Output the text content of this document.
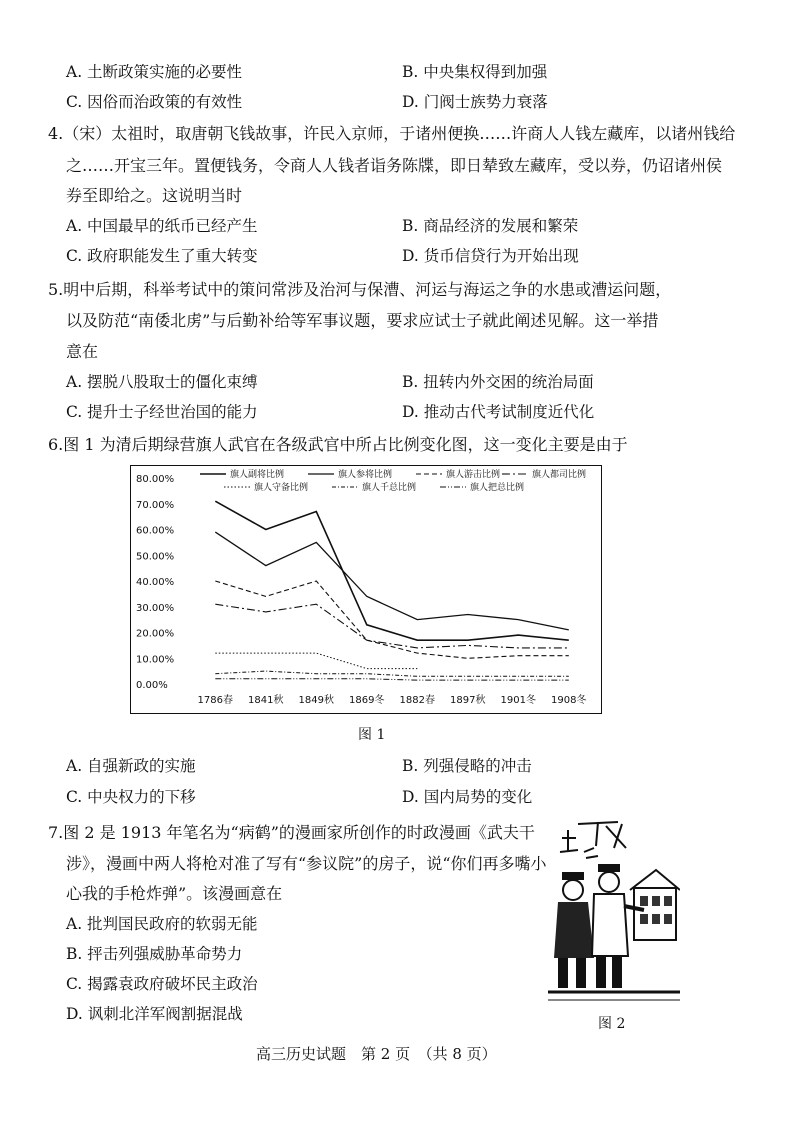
A. 土断政策实施的必要性	B. 中央集权得到加强
C. 因俗而治政策的有效性	D. 门阀士族势力衰落
4.（宋）太祖时，取唐朝飞钱故事，许民入京师，于诸州便换……许商人人钱左藏库，以诸州钱给
之……开宝三年。置便钱务，令商人人钱者诣务陈牒，即日辇致左藏库，受以券，仍诏诸州侯
券至即给之。这说明当时
A. 中国最早的纸币已经产生	B. 商品经济的发展和繁荣
C. 政府职能发生了重大转变	D. 货币信贷行为开始出现
5.明中后期，科举考试中的策问常涉及治河与保漕、河运与海运之争的水患或漕运问题，
以及防范“南倭北虏”与后勤补给等军事议题，要求应试士子就此阐述见解。这一举措
意在
A. 摆脱八股取士的僵化束缚	B. 扭转内外交困的统治局面
C. 提升士子经世治国的能力	D. 推动古代考试制度近代化
6.图 1 为清后期绿营旗人武官在各级武官中所占比例变化图，这一变化主要是由于
0.00%
10.00%
20.00%
30.00%
40.00%
50.00%
60.00%
70.00%
80.00%
1786春 1841秋 1849秋 1869冬 1882春 1897秋 1901冬 1908冬
旗人副将比例	旗人参将比例	旗人游击比例	旗人都司比例
旗人守备比例	旗人千总比例	旗人把总比例
图 1
A. 自强新政的实施	B. 列强侵略的冲击
C. 中央权力的下移	D. 国内局势的变化
7.图 2 是 1913 年笔名为“病鹤”的漫画家所创作的时政漫画《武夫干
涉》，漫画中两人将枪对准了写有“参议院”的房子，说“你们再多嘴小
心我的手枪炸弹”。该漫画意在
A. 批判国民政府的软弱无能
B. 抨击列强威胁革命势力
C. 揭露袁政府破坏民主政治
D. 讽刺北洋军阀割据混战
图 2
高三历史试题　第 2 页　（共 8 页）
